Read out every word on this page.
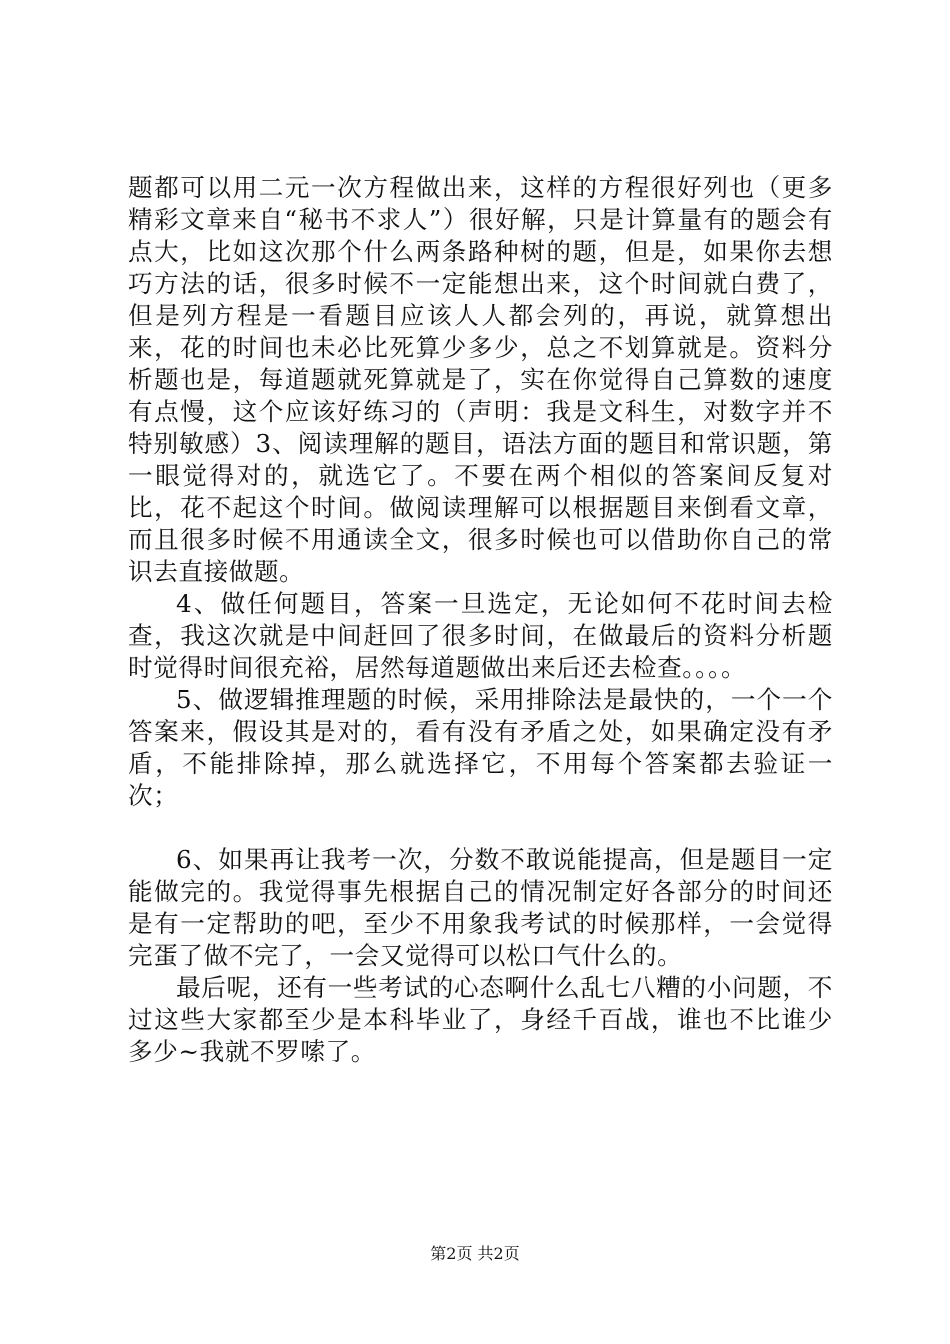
题都可以用二元一次方程做出来，这样的方程很好列也（更多精彩文章来自“秘书不求人”）很好解，只是计算量有的题会有点大，比如这次那个什么两条路种树的题，但是，如果你去想巧方法的话，很多时候不一定能想出来，这个时间就白费了，但是列方程是一看题目应该人人都会列的，再说，就算想出来，花的时间也未必比死算少多少，总之不划算就是。资料分析题也是，每道题就死算就是了，实在你觉得自己算数的速度有点慢，这个应该好练习的（声明：我是文科生，对数字并不特别敏感）3、阅读理解的题目，语法方面的题目和常识题，第一眼觉得对的，就选它了。不要在两个相似的答案间反复对比，花不起这个时间。做阅读理解可以根据题目来倒看文章，而且很多时候不用通读全文，很多时候也可以借助你自己的常识去直接做题。

4、做任何题目，答案一旦选定，无论如何不花时间去检查，我这次就是中间赶回了很多时间，在做最后的资料分析题时觉得时间很充裕，居然每道题做出来后还去检查。。。。

5、做逻辑推理题的时候，采用排除法是最快的，一个一个答案来，假设其是对的，看有没有矛盾之处，如果确定没有矛盾，不能排除掉，那么就选择它，不用每个答案都去验证一次；

6、如果再让我考一次，分数不敢说能提高，但是题目一定能做完的。我觉得事先根据自己的情况制定好各部分的时间还是有一定帮助的吧，至少不用象我考试的时候那样，一会觉得完蛋了做不完了，一会又觉得可以松口气什么的。

最后呢，还有一些考试的心态啊什么乱七八糟的小问题，不过这些大家都至少是本科毕业了，身经千百战，谁也不比谁少多少~我就不罗嗦了。

第2页 共2页
